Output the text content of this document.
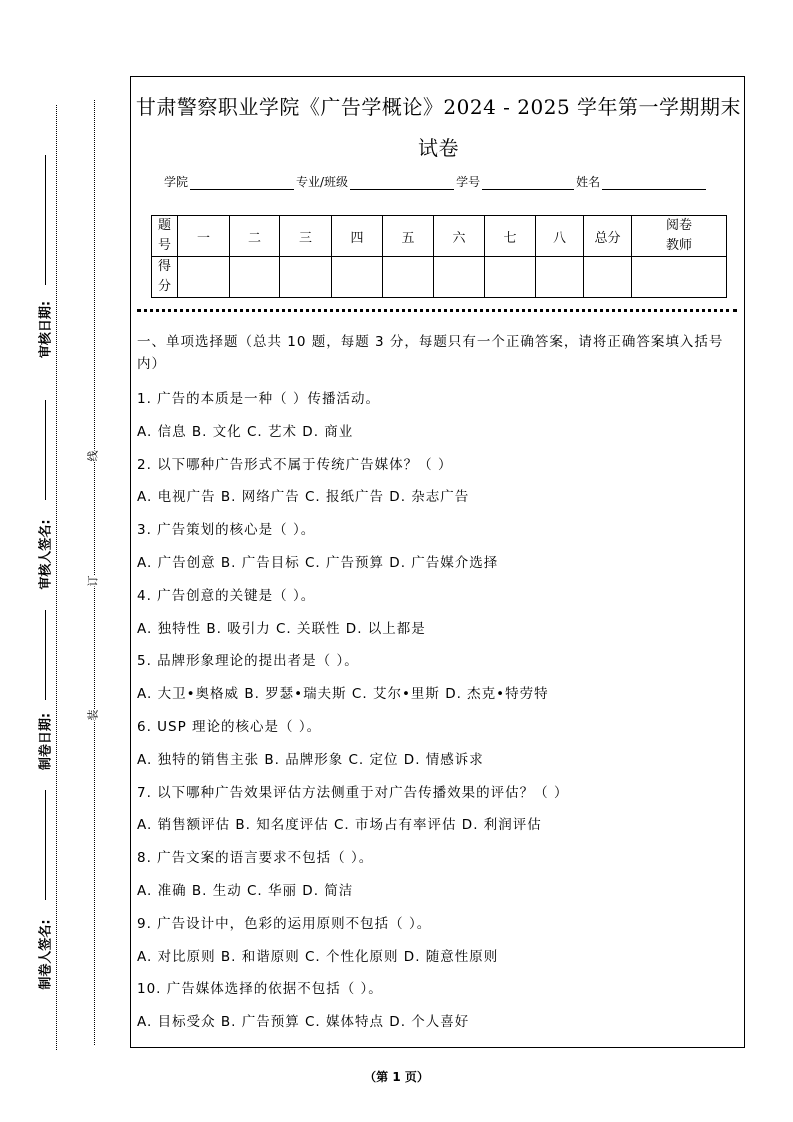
审核日期:
审核人签名:
制卷日期:
制卷人签名:
线
订
装
甘肃警察职业学院《广告学概论》2024 - 2025 学年第一学期期末
试卷
学院	专业/班级	学号	姓名
题号	一	二	三	四	五	六	七	八	总分	阅卷教师
得分										

一、单项选择题（总共 10 题，每题 3 分，每题只有一个正确答案，请将正确答案填入括号内）

1. 广告的本质是一种（ ）传播活动。

A. 信息 B. 文化 C. 艺术 D. 商业

2. 以下哪种广告形式不属于传统广告媒体？（ ）

A. 电视广告 B. 网络广告 C. 报纸广告 D. 杂志广告

3. 广告策划的核心是（ ）。

A. 广告创意 B. 广告目标 C. 广告预算 D. 广告媒介选择

4. 广告创意的关键是（ ）。

A. 独特性 B. 吸引力 C. 关联性 D. 以上都是

5. 品牌形象理论的提出者是（ ）。

A. 大卫•奥格威 B. 罗瑟•瑞夫斯 C. 艾尔•里斯 D. 杰克•特劳特

6. USP 理论的核心是（ ）。

A. 独特的销售主张 B. 品牌形象 C. 定位 D. 情感诉求

7. 以下哪种广告效果评估方法侧重于对广告传播效果的评估？（ ）

A. 销售额评估 B. 知名度评估 C. 市场占有率评估 D. 利润评估

8. 广告文案的语言要求不包括（ ）。

A. 准确 B. 生动 C. 华丽 D. 简洁

9. 广告设计中，色彩的运用原则不包括（ ）。

A. 对比原则 B. 和谐原则 C. 个性化原则 D. 随意性原则

10. 广告媒体选择的依据不包括（ ）。

A. 目标受众 B. 广告预算 C. 媒体特点 D. 个人喜好

（第 1 页）
